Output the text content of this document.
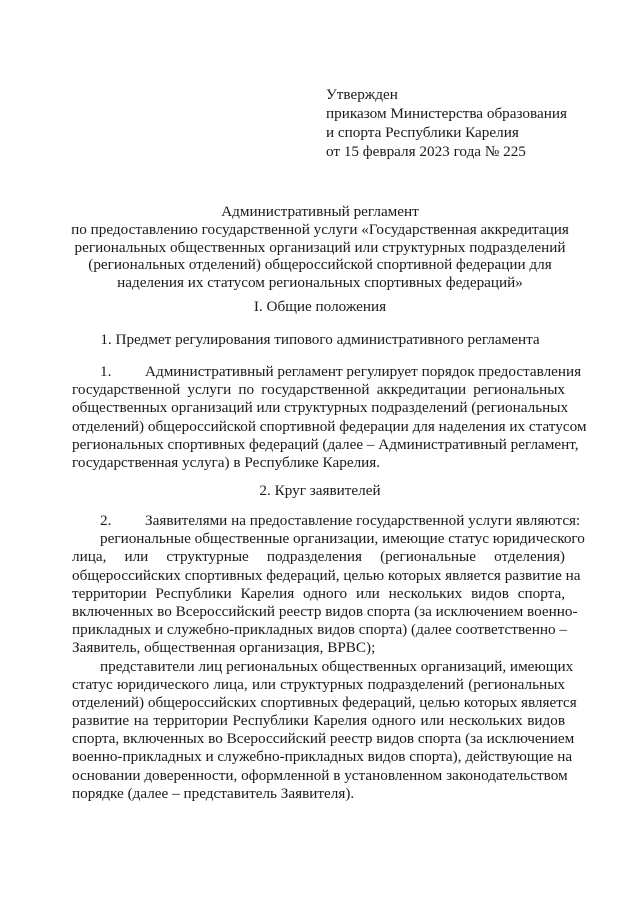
Утвержден
приказом Министерства образования
и спорта Республики Карелия
от 15 февраля 2023 года № 225
Административный регламент
по предоставлению государственной услуги «Государственная аккредитация
региональных общественных организаций или структурных подразделений
(региональных отделений) общероссийской спортивной федерации для
наделения их статусом региональных спортивных федераций»
I. Общие положения
1. Предмет регулирования типового административного регламента
1. Административный регламент регулирует порядок предоставления
государственной услуги по государственной аккредитации региональных
общественных организаций или структурных подразделений (региональных
отделений) общероссийской спортивной федерации для наделения их статусом
региональных спортивных федераций (далее – Административный регламент,
государственная услуга) в Республике Карелия.
2. Круг заявителей
2. Заявителями на предоставление государственной услуги являются:
региональные общественные организации, имеющие статус юридического
лица, или структурные подразделения (региональные отделения)
общероссийских спортивных федераций, целью которых является развитие на
территории Республики Карелия одного или нескольких видов спорта,
включенных во Всероссийский реестр видов спорта (за исключением военно-
прикладных и служебно-прикладных видов спорта) (далее соответственно –
Заявитель, общественная организация, ВРВС);
представители лиц региональных общественных организаций, имеющих
статус юридического лица, или структурных подразделений (региональных
отделений) общероссийских спортивных федераций, целью которых является
развитие на территории Республики Карелия одного или нескольких видов
спорта, включенных во Всероссийский реестр видов спорта (за исключением
военно-прикладных и служебно-прикладных видов спорта), действующие на
основании доверенности, оформленной в установленном законодательством
порядке (далее – представитель Заявителя).
